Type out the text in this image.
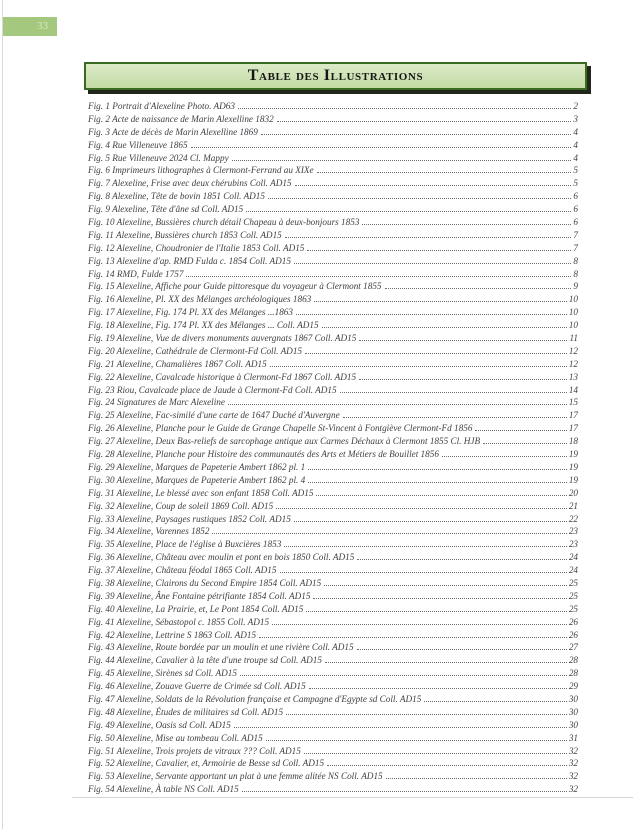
33
Table des Illustrations
Fig. 1 Portrait d'Alexeline Photo. AD63	2
Fig. 2 Acte de naissance de Marin Alexelline 1832	3
Fig. 3 Acte de décès de Marin Alexelline 1869	4
Fig. 4 Rue Villeneuve 1865	4
Fig. 5 Rue Villeneuve 2024 Cl. Mappy	4
Fig. 6 Imprimeurs lithographes à Clermont-Ferrand au XIXe	5
Fig. 7 Alexeline, Frise avec deux chérubins Coll. AD15	5
Fig. 8 Alexeline, Tête de bovin 1851 Coll. AD15	6
Fig. 9 Alexeline, Tête d'âne sd Coll. AD15	6
Fig. 10 Alexeline, Bussières church détail Chapeau à deux-bonjours 1853	6
Fig. 11 Alexeline, Bussières church 1853 Coll. AD15	7
Fig. 12 Alexeline, Choudronier de l'Italie 1853 Coll. AD15	7
Fig. 13 Alexeline d'ap. RMD Fulda c. 1854 Coll. AD15	8
Fig. 14 RMD, Fulde 1757	8
Fig. 15 Alexeline, Affiche pour Guide pittoresque du voyageur à Clermont 1855	9
Fig. 16 Alexeline, Pl. XX des Mélanges archéologiques 1863	10
Fig. 17 Alexeline, Fig. 174 Pl. XX des Mélanges ...1863	10
Fig. 18 Alexeline, Fig. 174 Pl. XX des Mélanges ... Coll. AD15	10
Fig. 19 Alexeline, Vue de divers monuments auvergnats 1867 Coll. AD15	11
Fig. 20 Alexeline, Cathédrale de Clermont-Fd Coll. AD15	12
Fig. 21 Alexeline, Chamalières 1867 Coll. AD15	12
Fig. 22 Alexeline, Cavalcade historique à Clermont-Fd 1867 Coll. AD15	13
Fig. 23 Riou, Cavalcade place de Jaude à Clermont-Fd Coll. AD15	14
Fig. 24 Signatures de Marc Alexeline	15
Fig. 25 Alexeline, Fac-similé d'une carte de 1647 Duché d'Auvergne	17
Fig. 26 Alexeline, Planche pour le Guide de Grange Chapelle St-Vincent à Fontgiève Clermont-Fd 1856	17
Fig. 27 Alexeline, Deux Bas-reliefs de sarcophage antique aux Carmes Déchaux à Clermont 1855 Cl. HJB	18
Fig. 28 Alexeline, Planche pour Histoire des communautés des Arts et Métiers de Bouillet 1856	19
Fig. 29 Alexeline, Marques de Papeterie Ambert 1862 pl. 1	19
Fig. 30 Alexeline, Marques de Papeterie Ambert 1862 pl. 4	19
Fig. 31 Alexeline, Le blessé avec son enfant 1858 Coll. AD15	20
Fig. 32 Alexeline, Coup de soleil 1869 Coll. AD15	21
Fig. 33 Alexeline, Paysages rustiques 1852 Coll. AD15	22
Fig. 34 Alexeline, Varennes 1852	23
Fig. 35 Alexeline, Place de l'église à Buxcières 1853	23
Fig. 36 Alexeline, Château avec moulin et pont en bois 1850 Coll. AD15	24
Fig. 37 Alexeline, Château féodal 1865 Coll. AD15	24
Fig. 38 Alexeline, Clairons du Second Empire 1854 Coll. AD15	25
Fig. 39 Alexeline, Âne Fontaine pétrifiante 1854 Coll. AD15	25
Fig. 40 Alexeline, La Prairie, et, Le Pont 1854 Coll. AD15	25
Fig. 41 Alexeline, Sébastopol c. 1855 Coll. AD15	26
Fig. 42 Alexeline, Lettrine S 1863 Coll. AD15	26
Fig. 43 Alexeline, Route bordée par un moulin et une rivière Coll. AD15	27
Fig. 44 Alexeline, Cavalier à la tête d'une troupe sd Coll. AD15	28
Fig. 45 Alexeline, Sirènes sd Coll. AD15	28
Fig. 46 Alexeline, Zouave Guerre de Crimée sd Coll. AD15	29
Fig. 47 Alexeline, Soldats de la Révolution française et Campagne d'Egypte sd Coll. AD15	30
Fig. 48 Alexeline, Études de militaires sd Coll. AD15	30
Fig. 49 Alexeline, Oasis sd Coll. AD15	30
Fig. 50 Alexeline, Mise au tombeau Coll. AD15	31
Fig. 51 Alexeline, Trois projets de vitraux ??? Coll. AD15	32
Fig. 52 Alexeline, Cavalier, et, Armoirie de Besse sd Coll. AD15	32
Fig. 53 Alexeline, Servante apportant un plat à une femme alitée NS Coll. AD15	32
Fig. 54 Alexeline, À table NS Coll. AD15	32
